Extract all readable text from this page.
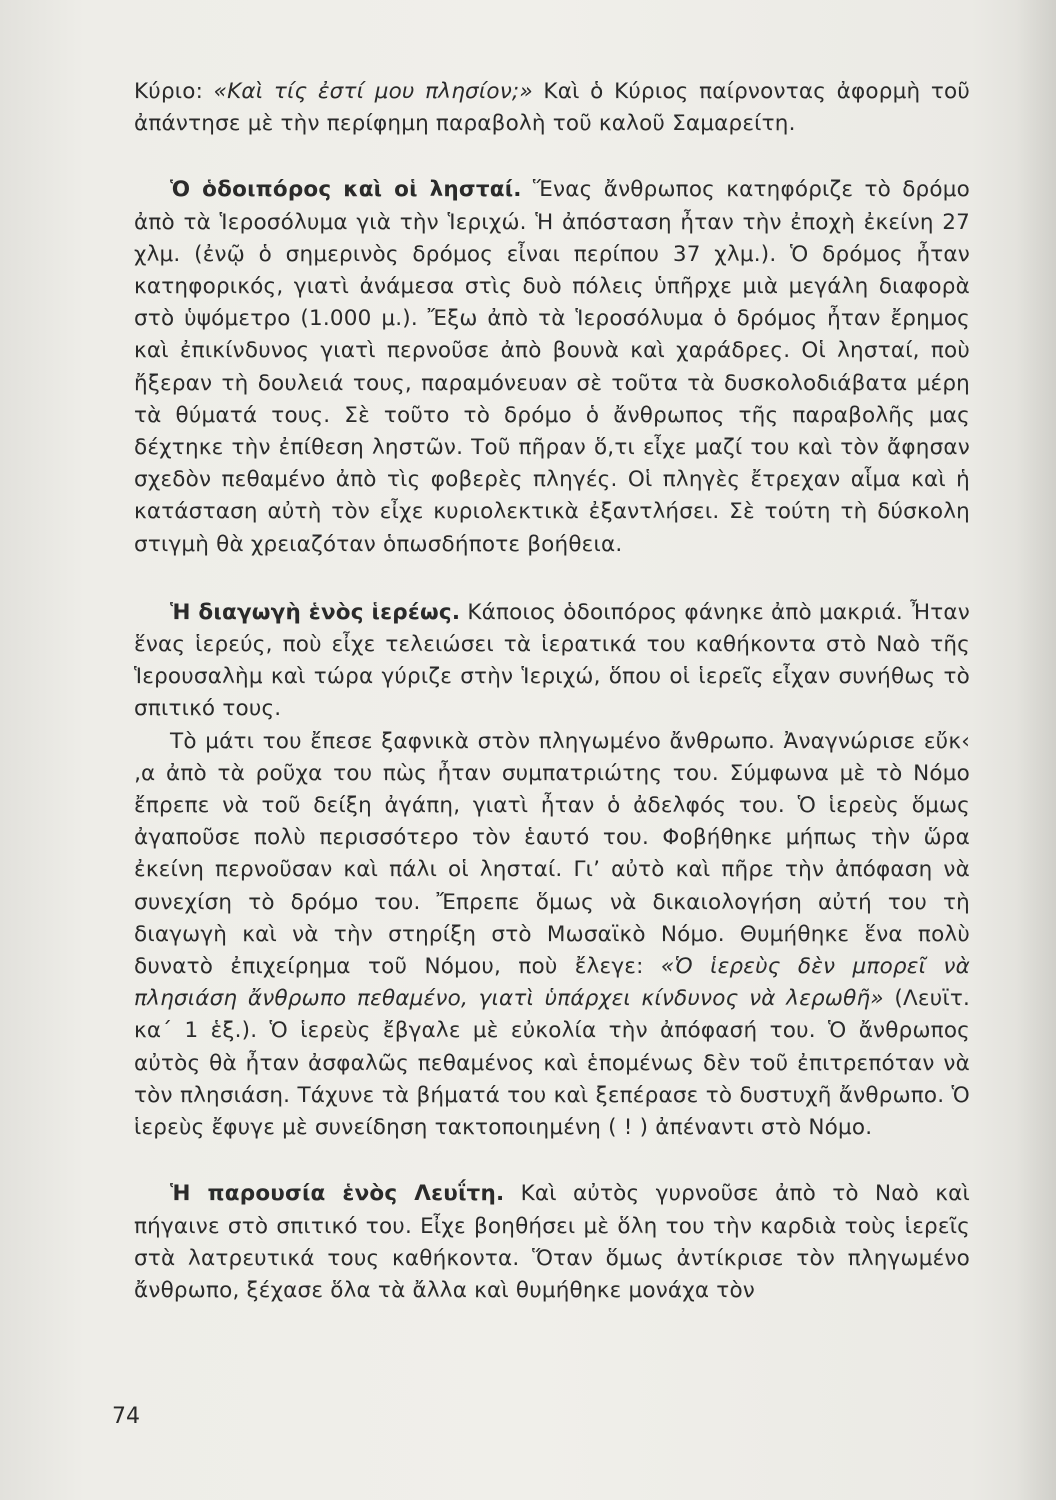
Κύριο: «Καὶ τίς ἐστί μου πλησίον;» Καὶ ὁ Κύριος παίρνοντας ἀφορμὴ τοῦ ἀπάντησε μὲ τὴν περίφημη παραβολὴ τοῦ καλοῦ Σαμαρείτη.

Ὁ ὁδοιπόρος καὶ οἱ λησταί. Ἕνας ἄνθρωπος κατηφόριζε τὸ δρόμο ἀπὸ τὰ Ἱεροσόλυμα γιὰ τὴν Ἱεριχώ. Ἡ ἀπόσταση ἦταν τὴν ἐποχὴ ἐκείνη 27 χλμ. (ἐνῷ ὁ σημερινὸς δρόμος εἶναι περίπου 37 χλμ.). Ὁ δρόμος ἦταν κατηφορικός, γιατὶ ἀνάμεσα στὶς δυὸ πόλεις ὑπῆρχε μιὰ μεγάλη διαφορὰ στὸ ὑψόμετρο (1.000 μ.). Ἔξω ἀπὸ τὰ Ἱεροσόλυμα ὁ δρόμος ἦταν ἔρημος καὶ ἐπικίνδυνος γιατὶ περνοῦσε ἀπὸ βουνὰ καὶ χαράδρες. Οἱ λησταί, ποὺ ἤξεραν τὴ δουλειά τους, παραμόνευαν σὲ τοῦτα τὰ δυσκολοδιάβατα μέρη τὰ θύματά τους. Σὲ τοῦτο τὸ δρόμο ὁ ἄνθρωπος τῆς παραβολῆς μας δέχτηκε τὴν ἐπίθεση ληστῶν. Τοῦ πῆραν ὅ,τι εἶχε μαζί του καὶ τὸν ἄφησαν σχεδὸν πεθαμένο ἀπὸ τὶς φοβερὲς πληγές. Οἱ πληγὲς ἔτρεχαν αἷμα καὶ ἡ κατάσταση αὐτὴ τὸν εἶχε κυριολεκτικὰ ἐξαντλήσει. Σὲ τούτη τὴ δύσκολη στιγμὴ θὰ χρειαζόταν ὁπωσδήποτε βοήθεια.

Ἡ διαγωγὴ ἑνὸς ἱερέως. Κάποιος ὁδοιπόρος φάνηκε ἀπὸ μακριά. Ἦταν ἕνας ἱερεύς, ποὺ εἶχε τελειώσει τὰ ἱερατικά του καθήκοντα στὸ Ναὸ τῆς Ἱερουσαλὴμ καὶ τώρα γύριζε στὴν Ἱεριχώ, ὅπου οἱ ἱερεῖς εἶχαν συνήθως τὸ σπιτικό τους.

Τὸ μάτι του ἔπεσε ξαφνικὰ στὸν πληγωμένο ἄνθρωπο. Ἀναγνώρισε εὔκ‹ ‚α ἀπὸ τὰ ροῦχα του πὼς ἦταν συμπατριώτης του. Σύμφωνα μὲ τὸ Νόμο ἔπρεπε νὰ τοῦ δείξη ἀγάπη, γιατὶ ἦταν ὁ ἀδελφός του. Ὁ ἱερεὺς ὅμως ἀγαποῦσε πολὺ περισσότερο τὸν ἑαυτό του. Φοβήθηκε μήπως τὴν ὥρα ἐκείνη περνοῦσαν καὶ πάλι οἱ λησταί. Γι’ αὐτὸ καὶ πῆρε τὴν ἀπόφαση νὰ συνεχίση τὸ δρόμο του. Ἔπρεπε ὅμως νὰ δικαιολογήση αὐτή του τὴ διαγωγὴ καὶ νὰ τὴν στηρίξη στὸ Μωσαϊκὸ Νόμο. Θυμήθηκε ἕνα πολὺ δυνατὸ ἐπιχείρημα τοῦ Νόμου, ποὺ ἔλεγε: «Ὁ ἱερεὺς δὲν μπορεῖ νὰ πλησιάση ἄνθρωπο πεθαμένο, γιατὶ ὑπάρχει κίνδυνος νὰ λερωθῆ» (Λευϊτ. κα´ 1 ἑξ.). Ὁ ἱερεὺς ἔβγαλε μὲ εὐκολία τὴν ἀπόφασή του. Ὁ ἄνθρωπος αὐτὸς θὰ ἦταν ἀσφαλῶς πεθαμένος καὶ ἑπομένως δὲν τοῦ ἐπιτρεπόταν νὰ τὸν πλησιάση. Τάχυνε τὰ βήματά του καὶ ξεπέρασε τὸ δυστυχῆ ἄνθρωπο. Ὁ ἱερεὺς ἔφυγε μὲ συνείδηση τακτοποιημένη ( ! ) ἀπέναντι στὸ Νόμο.

Ἡ παρουσία ἑνὸς Λευΐτη. Καὶ αὐτὸς γυρνοῦσε ἀπὸ τὸ Ναὸ καὶ πήγαινε στὸ σπιτικό του. Εἶχε βοηθήσει μὲ ὅλη του τὴν καρδιὰ τοὺς ἱερεῖς στὰ λατρευτικά τους καθήκοντα. Ὅταν ὅμως ἀντίκρισε τὸν πληγωμένο ἄνθρωπο, ξέχασε ὅλα τὰ ἄλλα καὶ θυμήθηκε μονάχα τὸν

74
